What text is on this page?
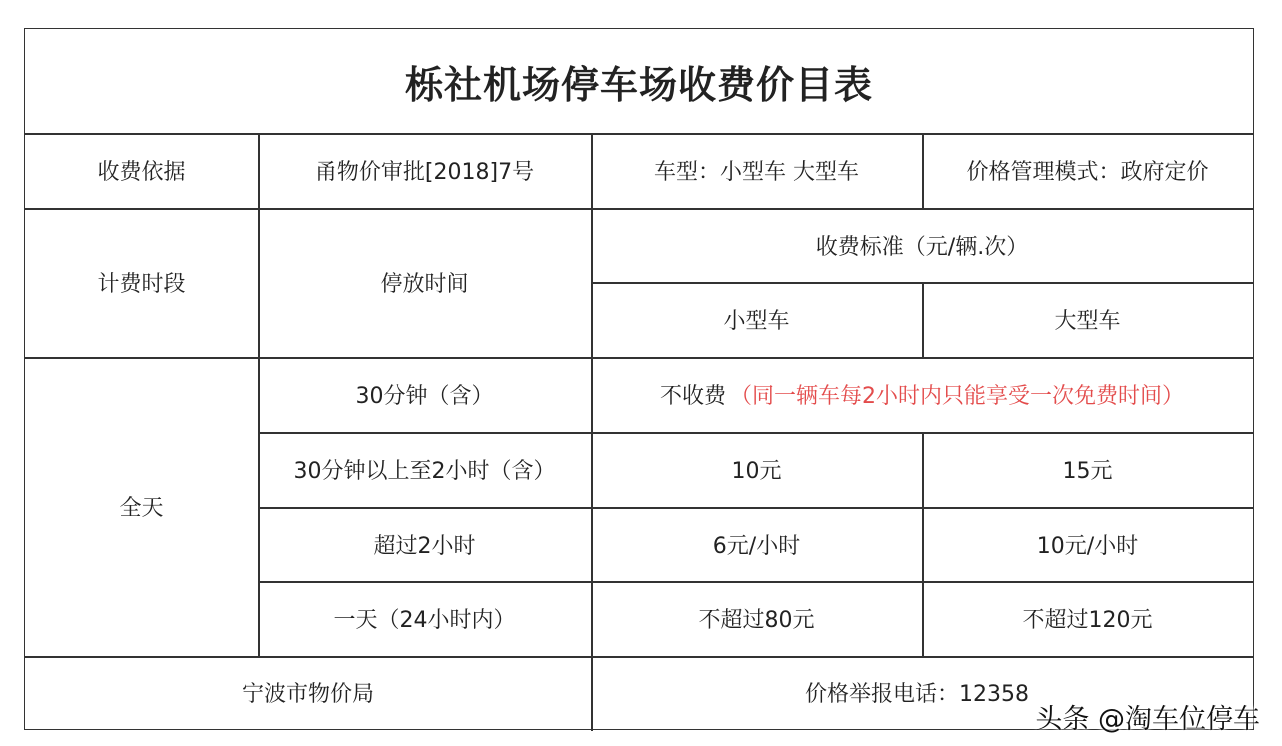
栎社机场停车场收费价目表
收费依据	甬物价审批[2018]7号	车型：小型车 大型车	价格管理模式：政府定价
计费时段	停放时间
收费标准（元/辆.次）
小型车	大型车
全天
30分钟（含）	不收费 （同一辆车每2小时内只能享受一次免费时间）
30分钟以上至2小时（含）	10元	15元
超过2小时	6元/小时	10元/小时
一天（24小时内）	不超过80元	不超过120元
宁波市物价局	价格举报电话：12358
头条 @淘车位停车
